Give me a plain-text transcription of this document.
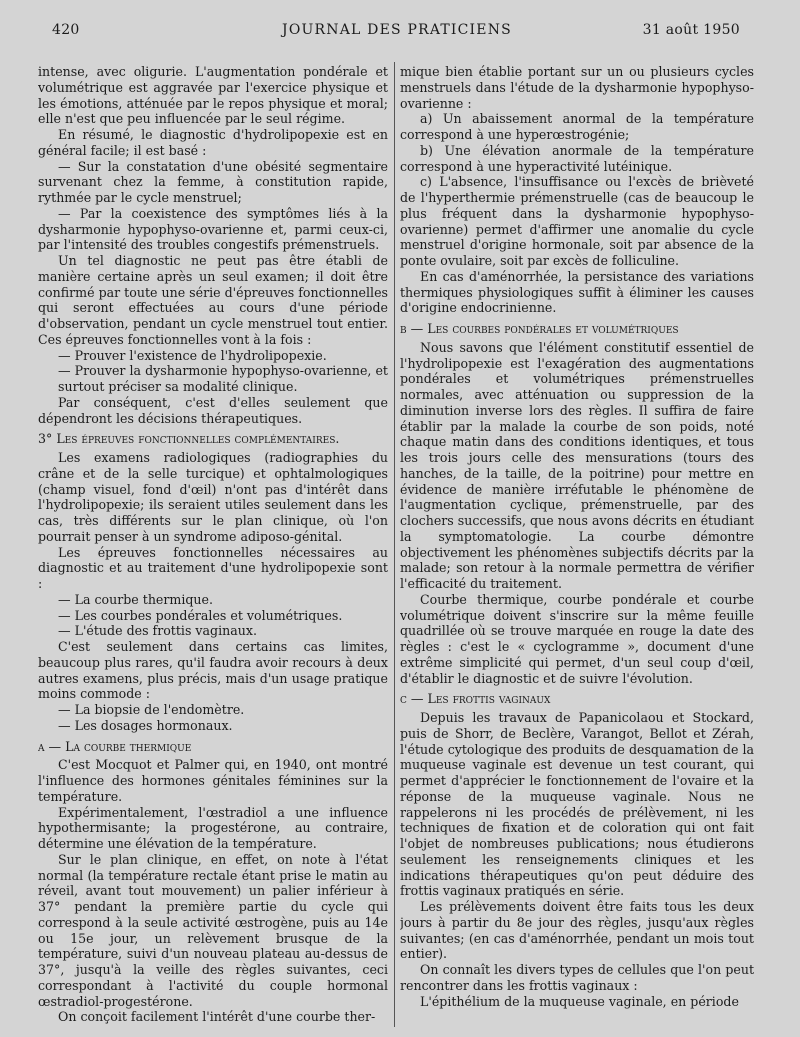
420	JOURNAL DES PRATICIENS	31 août 1950

intense, avec oligurie. L'augmentation pondérale et volumétrique est aggravée par l'exercice physique et les émotions, atténuée par le repos physique et moral; elle n'est que peu influencée par le seul régime.

En résumé, le diagnostic d'hydrolipopexie est en général facile; il est basé :

— Sur la constatation d'une obésité segmentaire survenant chez la femme, à constitution rapide, rythmée par le cycle menstruel;

— Par la coexistence des symptômes liés à la dysharmonie hypophyso-ovarienne et, parmi ceux-ci, par l'intensité des troubles congestifs prémenstruels.

Un tel diagnostic ne peut pas être établi de manière certaine après un seul examen; il doit être confirmé par toute une série d'épreuves fonctionnelles qui seront effectuées au cours d'une période d'observation, pendant un cycle menstruel tout entier. Ces épreuves fonctionnelles vont à la fois :

— Prouver l'existence de l'hydrolipopexie.

— Prouver la dysharmonie hypophyso-ovarienne, et surtout préciser sa modalité clinique.

Par conséquent, c'est d'elles seulement que dépendront les décisions thérapeutiques.

3° Les épreuves fonctionnelles complémentaires.

Les examens radiologiques (radiographies du crâne et de la selle turcique) et ophtalmologiques (champ visuel, fond d'œil) n'ont pas d'intérêt dans l'hydrolipopexie; ils seraient utiles seulement dans les cas, très différents sur le plan clinique, où l'on pourrait penser à un syndrome adiposo-génital.

Les épreuves fonctionnelles nécessaires au diagnostic et au traitement d'une hydrolipopexie sont :

— La courbe thermique.

— Les courbes pondérales et volumétriques.

— L'étude des frottis vaginaux.

C'est seulement dans certains cas limites, beaucoup plus rares, qu'il faudra avoir recours à deux autres examens, plus précis, mais d'un usage pratique moins commode :

— La biopsie de l'endomètre.

— Les dosages hormonaux.

a — La courbe thermique

C'est Mocquot et Palmer qui, en 1940, ont montré l'influence des hormones génitales féminines sur la température.

Expérimentalement, l'œstradiol a une influence hypothermisante; la progestérone, au contraire, détermine une élévation de la température.

Sur le plan clinique, en effet, on note à l'état normal (la température rectale étant prise le matin au réveil, avant tout mouvement) un palier inférieur à 37° pendant la première partie du cycle qui correspond à la seule activité œstrogène, puis au 14e ou 15e jour, un relèvement brusque de la température, suivi d'un nouveau plateau au-dessus de 37°, jusqu'à la veille des règles suivantes, ceci correspondant à l'activité du couple hormonal œstradiol-progestérone.

On conçoit facilement l'intérêt d'une courbe ther-

mique bien établie portant sur un ou plusieurs cycles menstruels dans l'étude de la dysharmonie hypophyso-ovarienne :

a) Un abaissement anormal de la température correspond à une hyperœstrogénie;

b) Une élévation anormale de la température correspond à une hyperactivité lutéinique.

c) L'absence, l'insuffisance ou l'excès de brièveté de l'hyperthermie prémenstruelle (cas de beaucoup le plus fréquent dans la dysharmonie hypophyso-ovarienne) permet d'affirmer une anomalie du cycle menstruel d'origine hormonale, soit par absence de la ponte ovulaire, soit par excès de folliculine.

En cas d'aménorrhée, la persistance des variations thermiques physiologiques suffit à éliminer les causes d'origine endocrinienne.

b — Les courbes pondérales et volumétriques

Nous savons que l'élément constitutif essentiel de l'hydrolipopexie est l'exagération des augmentations pondérales et volumétriques prémenstruelles normales, avec atténuation ou suppression de la diminution inverse lors des règles. Il suffira de faire établir par la malade la courbe de son poids, noté chaque matin dans des conditions identiques, et tous les trois jours celle des mensurations (tours des hanches, de la taille, de la poitrine) pour mettre en évidence de manière irréfutable le phénomène de l'augmentation cyclique, prémenstruelle, par des clochers successifs, que nous avons décrits en étudiant la symptomatologie. La courbe démontre objectivement les phénomènes subjectifs décrits par la malade; son retour à la normale permettra de vérifier l'efficacité du traitement.

Courbe thermique, courbe pondérale et courbe volumétrique doivent s'inscrire sur la même feuille quadrillée où se trouve marquée en rouge la date des règles : c'est le « cyclogramme », document d'une extrême simplicité qui permet, d'un seul coup d'œil, d'établir le diagnostic et de suivre l'évolution.

c — Les frottis vaginaux

Depuis les travaux de Papanicolaou et Stockard, puis de Shorr, de Beclère, Varangot, Bellot et Zérah, l'étude cytologique des produits de desquamation de la muqueuse vaginale est devenue un test courant, qui permet d'apprécier le fonctionnement de l'ovaire et la réponse de la muqueuse vaginale. Nous ne rappelerons ni les procédés de prélèvement, ni les techniques de fixation et de coloration qui ont fait l'objet de nombreuses publications; nous étudierons seulement les renseignements cliniques et les indications thérapeutiques qu'on peut déduire des frottis vaginaux pratiqués en série.

Les prélèvements doivent être faits tous les deux jours à partir du 8e jour des règles, jusqu'aux règles suivantes; (en cas d'aménorrhée, pendant un mois tout entier).

On connaît les divers types de cellules que l'on peut rencontrer dans les frottis vaginaux :

L'épithélium de la muqueuse vaginale, en période
